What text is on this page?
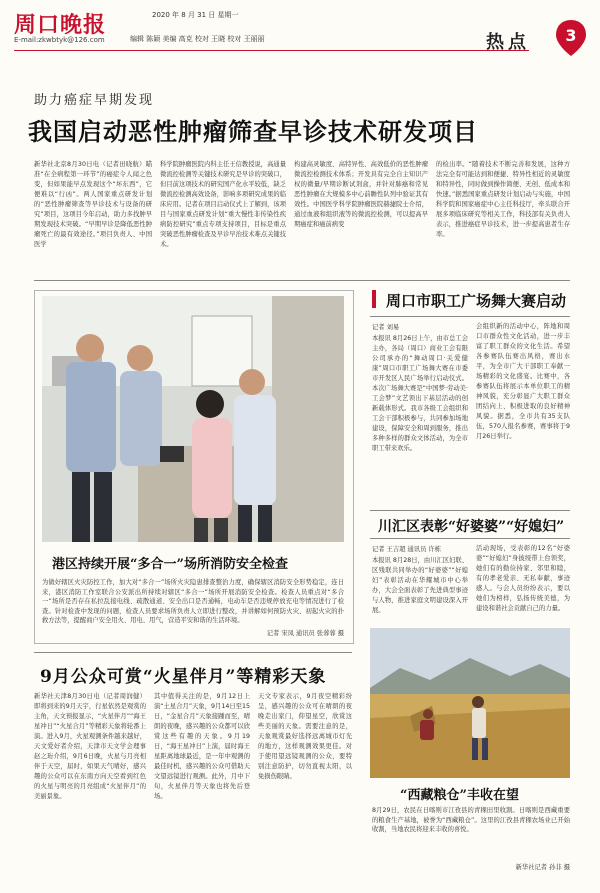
周口晚报
E-mail:zkwbtyk@126.com
2020 年 8 月 31 日 星期一
编辑 陈颖 美编 高克 校对 王晓 校对 王丽丽	热点 3
助力癌症早期发现
我国启动恶性肿瘤筛查早诊技术研发项目
新华社北京8月30日电（记者田晓航）瞄准“在全病程第一环节”的癌症令人闻之色变，但如果能早点发现这个“坏东西”，它便难以“行凶”。两人国家重点研发计划的“恶性肿瘤筛查等早诊技术与设备的研究”项目，这项目今年启动，助力多找肿早期发现技术突破。“早期早诊是降低恶性肿瘤死亡的最有效途径。”项目负责人、中国医学
科学院肿瘤医院内科主任王信教授说，高通量微流控检测等关键技术研究是早诊的突破口，但目前这项技术的研究国产化水平较低，缺乏微流控检测高效设备，影响多项研究成果的临床应用。记者在项目启动仪式上了解到，该项目与国家重点研发计划“重大慢性非传染性疾病防控研究”重点专项支持项目，目标是重点突破恶性肿瘤检查及早诊早治技术难点关键技术。
构建高灵敏度、高特异性、高效低价的恶性肿瘤微流控检测技术体系；开发具有完全自主知识产权的微量/早期诊断试剂盒，并针对肺癌和常见恶性肿瘤在大规模多中心前瞻性队列中验证其有效性。中国医学科学院肿瘤医院赫捷院士介绍，通过血液和组织液等的微流控检测，可以提高早期癌症和癌前病变
的检出率。“随着技术不断完善和发展，这种方法完全有可能达到和便捷、特异性相近的灵敏度和特异性，同时做到操作简便、无创、低成本和快速。”据悉国家重点研发计划启动与实施，中国科学院和国家癌症中心主任科技厅，牵头联合开展多项临床研究等相关工作，科技部有关负责人表示，推进癌症早诊技术，进一步提高患者生存率。
港区持续开展“多合一”场所消防安全检查
为做好辖区火灾防控工作，加大对“多合一”场所火灾隐患排查整治力度，确保辖区消防安全形势稳定，连日来，港区消防工作室联合公安派出所持续对辖区“多合一”场所开展消防安全检查。检查人员重点对“多合一”场所是否存在私拉乱接电线、疏散通道、安全出口是否通畅，电动车是否违规停放充电等情况进行了检查。针对检查中发现的问题，检查人员要求场所负责人立即进行整改，并讲解如何预防火灾、初起火灾的扑救方法等，提醒商户安全用火、用电、用气，营造平安和谐的生活环境。
记者 宋凤 通讯员 张蓉蓉 摄
周口市职工广场舞大赛启动
记者 刘易
本报讯 8月26日上午，由市总工会主办，各局（周口）商业工会有限公司承办的“舞动周口·关爱健康”周口市职工广场舞大赛在市委市开发区人民广场举行启动仪式。本次广场舞大赛是“中国梦·劳动美·工会梦”文艺领出下基层活动的创新载体形式。我市各级工会组织和工会干部积极参与，共同参加场地建设，保障安全和周到服务，推出多种多样的群众文体活动，为全市职工带来欢乐。
会组织新的活动中心，阵地和周口市群众性文化活动，进一步丰富了职工群众的文化生活。希望各参赛队伍赛出风格，赛出水平，为全市广大干部职工奉献一场精彩的文化盛宴。比赛中，各参赛队伍将展示本单位职工的精神风貌，充分彰显广大职工群众团结向上、积极进取的良好精神风貌。据悉，全市共有35支队伍，570人报名参赛，赛事将于9月26日举行。
川汇区表彰“好婆婆”“好媳妇”
记者 王吉超 通讯员 许栋
本报讯 8月28日，由川汇区妇联、区残联共同举办的“好婆婆”“好媳妇”表彰活动在华耀城市中心举办，大会全面表彰了先进典型事迹与人物，推进家庭文明建设深入开展。
活动现场，受表彰的12名“好婆婆”“好媳妇”身披绶带上台领奖，她们有的勤俭持家、邻里和睦，有的孝老爱亲、无私奉献，事迹感人。与会人员纷纷表示，要以她们为榜样，弘扬传统美德，为建设和谐社会贡献自己的力量。
9月公众可赏“火星伴月”等精彩天象
新华社天津8月30日电（记者周润健）即将到来的9月天宇，行星依然是观赏的主角，天文预报显示，“火星伴月”“海王星冲日”“火星合月”等精彩天象将轮番上演。进入9月，火星观测条件越来越好，天文爱好者介绍，天津市天文学会理事赵之珩介绍，9月6日晚，火星与月亮相伴于天空，届时，如果天气晴好，感兴趣的公众可以在东南方向天空看到红色的火星与明亮的月亮组成“火星伴月”的美丽景象。
其中值得关注的是，9月12日上演“土星合月”天象，9月14日至15日，“金星合月”天象接踵而至，晴朗的夜晚，感兴趣的公众都可以欣赏这些有趣的天象。9月19日，“海王星冲日”上演，届时海王星距离地球最近，是一年中观测的最佳时机，感兴趣的公众可借助天文望远镜进行观测。此外，月中下旬，火星伴月等天象也将先后登场。
天文专家表示，9月夜空精彩纷呈，感兴趣的公众可在晴朗的夜晚走出家门，仰望星空，欣赏这些美丽的天象。需要注意的是，天象观赏最好选择远离城市灯光的地方，这样观测效果更佳。对于使用望远镜观测的公众，要特别注意防护，切勿直视太阳，以免损伤眼睛。
“西藏粮仓”丰收在望
8月29日，农民在日喀则市江孜县的青稞田里收割。日喀则是西藏重要的粮食生产基地，被誉为“西藏粮仓”。这里的江孜县青稞农场业已开始收割，当地农民将迎来丰收的喜悦。
新华社记者 孙非 摄
